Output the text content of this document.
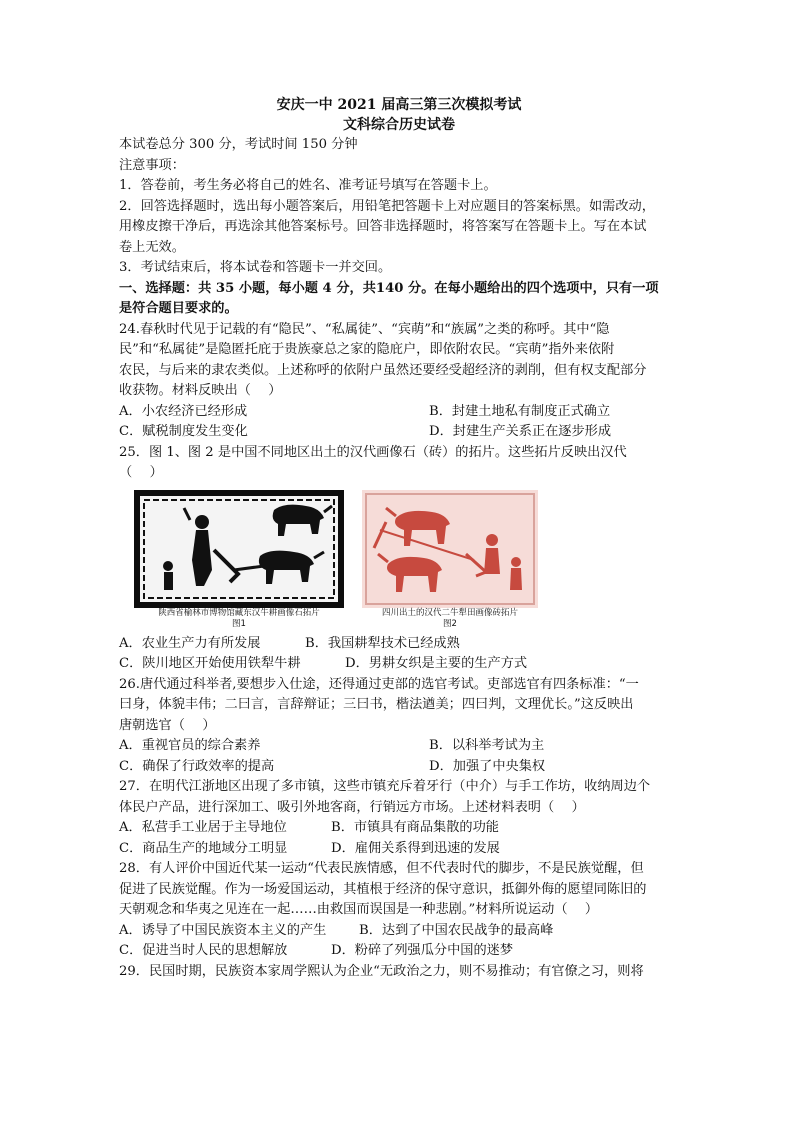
安庆一中 2021 届高三第三次模拟考试
文科综合历史试卷
本试卷总分 300 分，考试时间 150 分钟
注意事项：
1．答卷前，考生务必将自己的姓名、准考证号填写在答题卡上。
2．回答选择题时，选出每小题答案后，用铅笔把答题卡上对应题目的答案标黑。如需改动，
用橡皮擦干净后，再选涂其他答案标号。回答非选择题时，将答案写在答题卡上。写在本试
卷上无效。
3．考试结束后，将本试卷和答题卡一并交回。
一、选择题：共 35 小题，每小题 4 分，共140 分。在每小题给出的四个选项中，只有一项
是符合题目要求的。
24.春秋时代见于记载的有“隐民”、“私属徒”、“宾萌”和“族属”之类的称呼。其中“隐
民”和“私属徒”是隐匿托庇于贵族豪总之家的隐庇户，即依附农民。“宾萌”指外来依附
农民，与后来的隶农类似。上述称呼的依附户虽然还要经受超经济的剥削，但有权支配部分
收获物。材料反映出（　 ）
A．小农经济已经形成	B．封建土地私有制度正式确立
C．赋税制度发生变化	D．封建生产关系正在逐步形成
25．图 1、图 2 是中国不同地区出土的汉代画像石（砖）的拓片。这些拓片反映出汉代
（　 ）
陕西省榆林市博物馆藏东汉牛耕画像石拓片
图1
四川出土的汉代二牛犁田画像砖拓片
图2
A．农业生产力有所发展	B．我国耕犁技术已经成熟
C．陕川地区开始使用铁犁牛耕	D．男耕女织是主要的生产方式
26.唐代通过科举者,要想步入仕途，还得通过吏部的选官考试。吏部选官有四条标准：“一
曰身，体貌丰伟；二曰言，言辞辩证；三曰书，楷法遒美；四曰判，文理优长。”这反映出
唐朝选官（　 ）
A．重视官员的综合素养	B．以科举考试为主
C．确保了行政效率的提高	D．加强了中央集权
27．在明代江浙地区出现了多市镇，这些市镇充斥着牙行（中介）与手工作坊，收纳周边个
体民户产品，进行深加工、吸引外地客商，行销远方市场。上述材料表明（　 ）
A．私营手工业居于主导地位	B．市镇具有商品集散的功能
C．商品生产的地域分工明显	D．雇佣关系得到迅速的发展
28．有人评价中国近代某一运动“代表民族情感，但不代表时代的脚步，不是民族觉醒，但
促进了民族觉醒。作为一场爱国运动，其植根于经济的保守意识，抵御外侮的愿望同陈旧的
天朝观念和华夷之见连在一起……由救国而误国是一种悲剧。”材料所说运动（　 ）
A．诱导了中国民族资本主义的产生 B．达到了中国农民战争的最高峰
C．促进当时人民的思想解放	D．粉碎了列强瓜分中国的迷梦
29．民国时期，民族资本家周学熙认为企业“无政治之力，则不易推动；有官僚之习，则将
